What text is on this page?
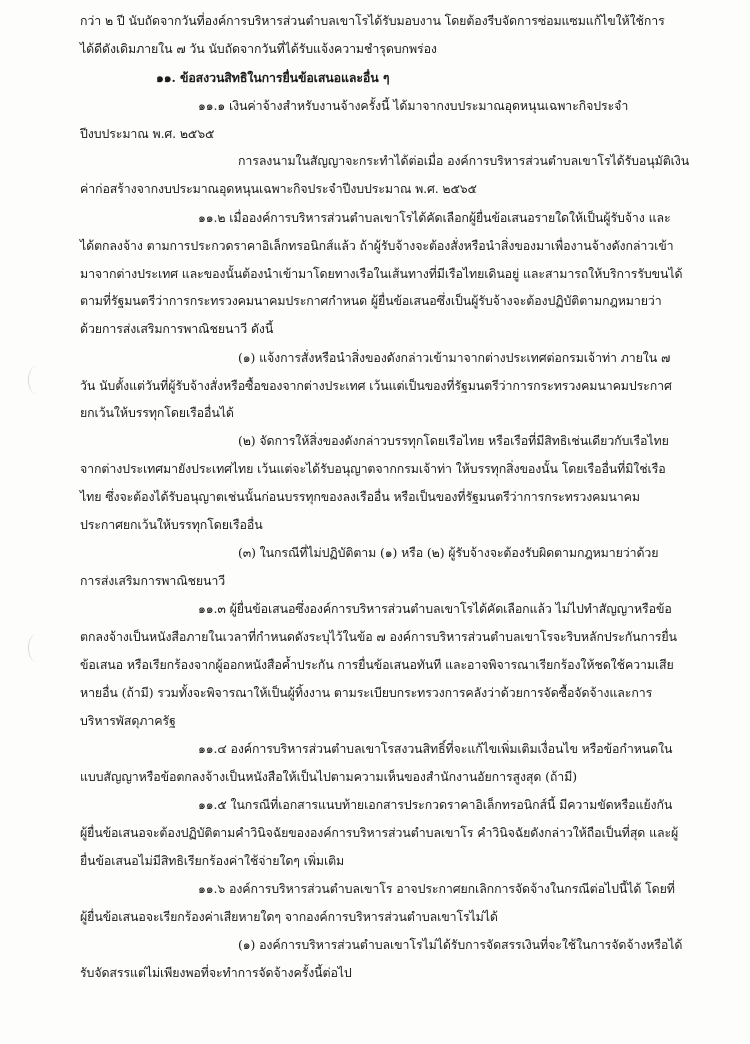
กว่า ๒ ปี นับถัดจากวันที่องค์การบริหารส่วนตำบลเขาโรได้รับมอบงาน โดยต้องรีบจัดการซ่อมแซมแก้ไขให้ใช้การ
ได้ดีดังเดิมภายใน ๗ วัน นับถัดจากวันที่ได้รับแจ้งความชำรุดบกพร่อง
๑๑. ข้อสงวนสิทธิในการยื่นข้อเสนอและอื่น ๆ
๑๑.๑ เงินค่าจ้างสำหรับงานจ้างครั้งนี้ ได้มาจากงบประมาณอุดหนุนเฉพาะกิจประจำ
ปีงบประมาณ พ.ศ. ๒๕๖๕
การลงนามในสัญญาจะกระทำได้ต่อเมื่อ องค์การบริหารส่วนตำบลเขาโรได้รับอนุมัติเงิน
ค่าก่อสร้างจากงบประมาณอุดหนุนเฉพาะกิจประจำปีงบประมาณ พ.ศ. ๒๕๖๕
๑๑.๒ เมื่อองค์การบริหารส่วนตำบลเขาโรได้คัดเลือกผู้ยื่นข้อเสนอรายใดให้เป็นผู้รับจ้าง และ
ได้ตกลงจ้าง ตามการประกวดราคาอิเล็กทรอนิกส์แล้ว ถ้าผู้รับจ้างจะต้องสั่งหรือนำสิ่งของมาเพื่องานจ้างดังกล่าวเข้า
มาจากต่างประเทศ และของนั้นต้องนำเข้ามาโดยทางเรือในเส้นทางที่มีเรือไทยเดินอยู่ และสามารถให้บริการรับขนได้
ตามที่รัฐมนตรีว่าการกระทรวงคมนาคมประกาศกำหนด ผู้ยื่นข้อเสนอซึ่งเป็นผู้รับจ้างจะต้องปฏิบัติตามกฎหมายว่า
ด้วยการส่งเสริมการพาณิชยนาวี ดังนี้
(๑) แจ้งการสั่งหรือนำสิ่งของดังกล่าวเข้ามาจากต่างประเทศต่อกรมเจ้าท่า ภายใน ๗
วัน นับตั้งแต่วันที่ผู้รับจ้างสั่งหรือซื้อของจากต่างประเทศ เว้นแต่เป็นของที่รัฐมนตรีว่าการกระทรวงคมนาคมประกาศ
ยกเว้นให้บรรทุกโดยเรืออื่นได้
(๒) จัดการให้สิ่งของดังกล่าวบรรทุกโดยเรือไทย หรือเรือที่มีสิทธิเช่นเดียวกับเรือไทย
จากต่างประเทศมายังประเทศไทย เว้นแต่จะได้รับอนุญาตจากกรมเจ้าท่า ให้บรรทุกสิ่งของนั้น โดยเรืออื่นที่มิใช่เรือ
ไทย ซึ่งจะต้องได้รับอนุญาตเช่นนั้นก่อนบรรทุกของลงเรืออื่น หรือเป็นของที่รัฐมนตรีว่าการกระทรวงคมนาคม
ประกาศยกเว้นให้บรรทุกโดยเรืออื่น
(๓) ในกรณีที่ไม่ปฏิบัติตาม (๑) หรือ (๒) ผู้รับจ้างจะต้องรับผิดตามกฎหมายว่าด้วย
การส่งเสริมการพาณิชยนาวี
๑๑.๓ ผู้ยื่นข้อเสนอซึ่งองค์การบริหารส่วนตำบลเขาโรได้คัดเลือกแล้ว ไม่ไปทำสัญญาหรือข้อ
ตกลงจ้างเป็นหนังสือภายในเวลาที่กำหนดดังระบุไว้ในข้อ ๗ องค์การบริหารส่วนตำบลเขาโรจะริบหลักประกันการยื่น
ข้อเสนอ หรือเรียกร้องจากผู้ออกหนังสือค้ำประกัน การยื่นข้อเสนอทันที และอาจพิจารณาเรียกร้องให้ชดใช้ความเสีย
หายอื่น (ถ้ามี) รวมทั้งจะพิจารณาให้เป็นผู้ทิ้งงาน ตามระเบียบกระทรวงการคลังว่าด้วยการจัดซื้อจัดจ้างและการ
บริหารพัสดุภาครัฐ
๑๑.๔ องค์การบริหารส่วนตำบลเขาโรสงวนสิทธิ์ที่จะแก้ไขเพิ่มเติมเงื่อนไข หรือข้อกำหนดใน
แบบสัญญาหรือข้อตกลงจ้างเป็นหนังสือให้เป็นไปตามความเห็นของสำนักงานอัยการสูงสุด (ถ้ามี)
๑๑.๕ ในกรณีที่เอกสารแนบท้ายเอกสารประกวดราคาอิเล็กทรอนิกส์นี้ มีความขัดหรือแย้งกัน
ผู้ยื่นข้อเสนอจะต้องปฏิบัติตามคำวินิจฉัยขององค์การบริหารส่วนตำบลเขาโร คำวินิจฉัยดังกล่าวให้ถือเป็นที่สุด และผู้
ยื่นข้อเสนอไม่มีสิทธิเรียกร้องค่าใช้จ่ายใดๆ เพิ่มเติม
๑๑.๖ องค์การบริหารส่วนตำบลเขาโร อาจประกาศยกเลิกการจัดจ้างในกรณีต่อไปนี้ได้ โดยที่
ผู้ยื่นข้อเสนอจะเรียกร้องค่าเสียหายใดๆ จากองค์การบริหารส่วนตำบลเขาโรไม่ได้
(๑) องค์การบริหารส่วนตำบลเขาโรไม่ได้รับการจัดสรรเงินที่จะใช้ในการจัดจ้างหรือได้
รับจัดสรรแต่ไม่เพียงพอที่จะทำการจัดจ้างครั้งนี้ต่อไป
